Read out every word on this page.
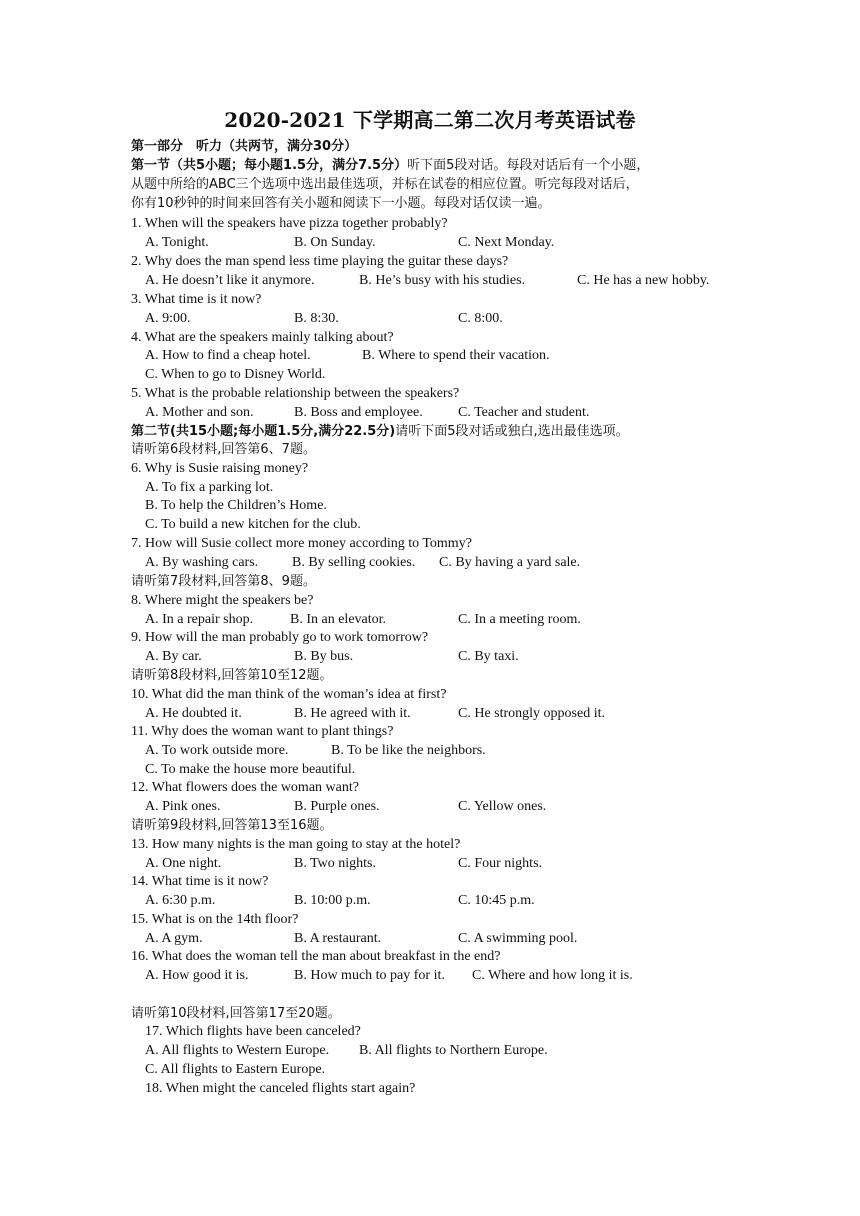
2020-2021 下学期高二第二次月考英语试卷
第一部分　听力（共两节，满分30分）
第一节（共5小题；每小题1.5分，满分7.5分）听下面5段对话。每段对话后有一个小题，
从题中所给的ABC三个选项中选出最佳选项，并标在试卷的相应位置。听完每段对话后，
你有10秒钟的时间来回答有关小题和阅读下一小题。每段对话仅读一遍。
1. When will the speakers have pizza together probably?
A. Tonight.	B. On Sunday.	C. Next Monday.
2. Why does the man spend less time playing the guitar these days?
A. He doesn’t like it anymore.	B. He’s busy with his studies.	C. He has a new hobby.
3. What time is it now?
A. 9:00.	B. 8:30.	C. 8:00.
4. What are the speakers mainly talking about?
A. How to find a cheap hotel.	B. Where to spend their vacation.
C. When to go to Disney World.
5. What is the probable relationship between the speakers?
A. Mother and son.	B. Boss and employee.	C. Teacher and student.
第二节(共15小题;每小题1.5分,满分22.5分)请听下面5段对话或独白,选出最佳选项。
请听第6段材料,回答第6、7题。
6. Why is Susie raising money?
A. To fix a parking lot.
B. To help the Children’s Home.
C. To build a new kitchen for the club.
7. How will Susie collect more money according to Tommy?
A. By washing cars. B. By selling cookies. C. By having a yard sale.
请听第7段材料,回答第8、9题。
8. Where might the speakers be?
A. In a repair shop.	B. In an elevator.	C. In a meeting room.
9. How will the man probably go to work tomorrow?
A. By car.	B. By bus.	C. By taxi.
请听第8段材料,回答第10至12题。
10. What did the man think of the woman’s idea at first?
A. He doubted it.	B. He agreed with it.	C. He strongly opposed it.
11. Why does the woman want to plant things?
A. To work outside more.	B. To be like the neighbors.
C. To make the house more beautiful.
12. What flowers does the woman want?
A. Pink ones.	B. Purple ones.	C. Yellow ones.
请听第9段材料,回答第13至16题。
13. How many nights is the man going to stay at the hotel?
A. One night.	B. Two nights.	C. Four nights.
14. What time is it now?
A. 6:30 p.m.	B. 10:00 p.m.	C. 10:45 p.m.
15. What is on the 14th floor?
A. A gym.	B. A restaurant.	C. A swimming pool.
16. What does the woman tell the man about breakfast in the end?
A. How good it is.	B. How much to pay for it. C. Where and how long it is.
请听第10段材料,回答第17至20题。
17. Which flights have been canceled?
A. All flights to Western Europe. B. All flights to Northern Europe.
C. All flights to Eastern Europe.
18. When might the canceled flights start again?
